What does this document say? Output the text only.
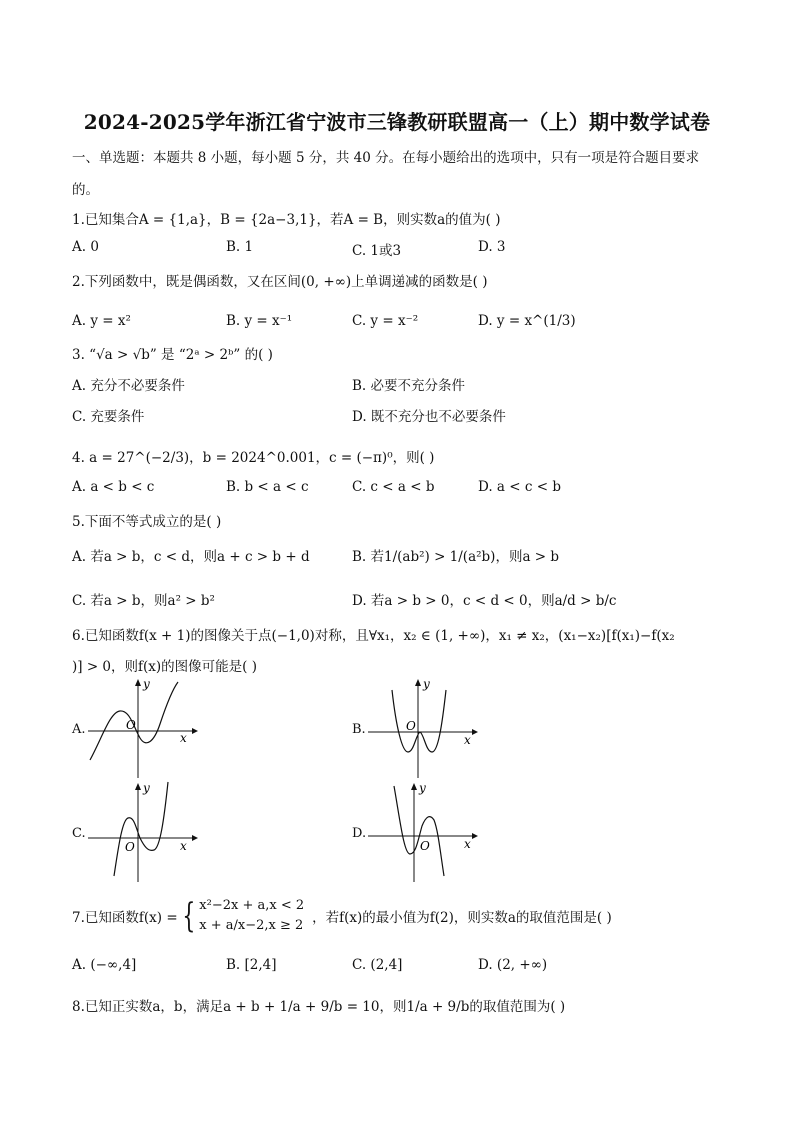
2024-2025学年浙江省宁波市三锋教研联盟高一（上）期中数学试卷
一、单选题：本题共 8 小题，每小题 5 分，共 40 分。在每小题给出的选项中，只有一项是符合题目要求
的。
1.已知集合A = {1,a}，B = {2a−3,1}，若A = B，则实数a的值为( )
A. 0	B. 1	C. 1或3	D. 3
2.下列函数中，既是偶函数，又在区间(0, +∞)上单调递减的函数是( )
A. y = x²	B. y = x⁻¹	C. y = x⁻²	D. y = x^(1/3)
3. “√a > √b” 是 “2ᵃ > 2ᵇ” 的( )
A. 充分不必要条件	B. 必要不充分条件
C. 充要条件	D. 既不充分也不必要条件
4. a = 27^(−2/3)，b = 2024^0.001，c = (−π)⁰，则( )
A. a < b < c	B. b < a < c	C. c < a < b	D. a < c < b
5.下面不等式成立的是( )
A. 若a > b，c < d，则a + c > b + d	B. 若1/(ab²) > 1/(a²b)，则a > b
C. 若a > b，则a² > b²	D. 若a > b > 0，c < d < 0，则a/d > b/c
6.已知函数f(x + 1)的图像关于点(−1,0)对称，且∀x₁，x₂ ∈ (1, +∞)，x₁ ≠ x₂，(x₁−x₂)[f(x₁)−f(x₂
)] > 0，则f(x)的图像可能是( )
A.
x
y
O	B.
x
y
O
C.
x
y
O
D.
x
y
O
7.已知函数f(x) = { x²−2x + a,x < 2
x + a/x−2,x ≥ 2 ，若f(x)的最小值为f(2)，则实数a的取值范围是( )
A. (−∞,4]	B. [2,4]	C. (2,4]	D. (2, +∞)
8.已知正实数a，b，满足a + b + 1/a + 9/b = 10，则1/a + 9/b的取值范围为( )
